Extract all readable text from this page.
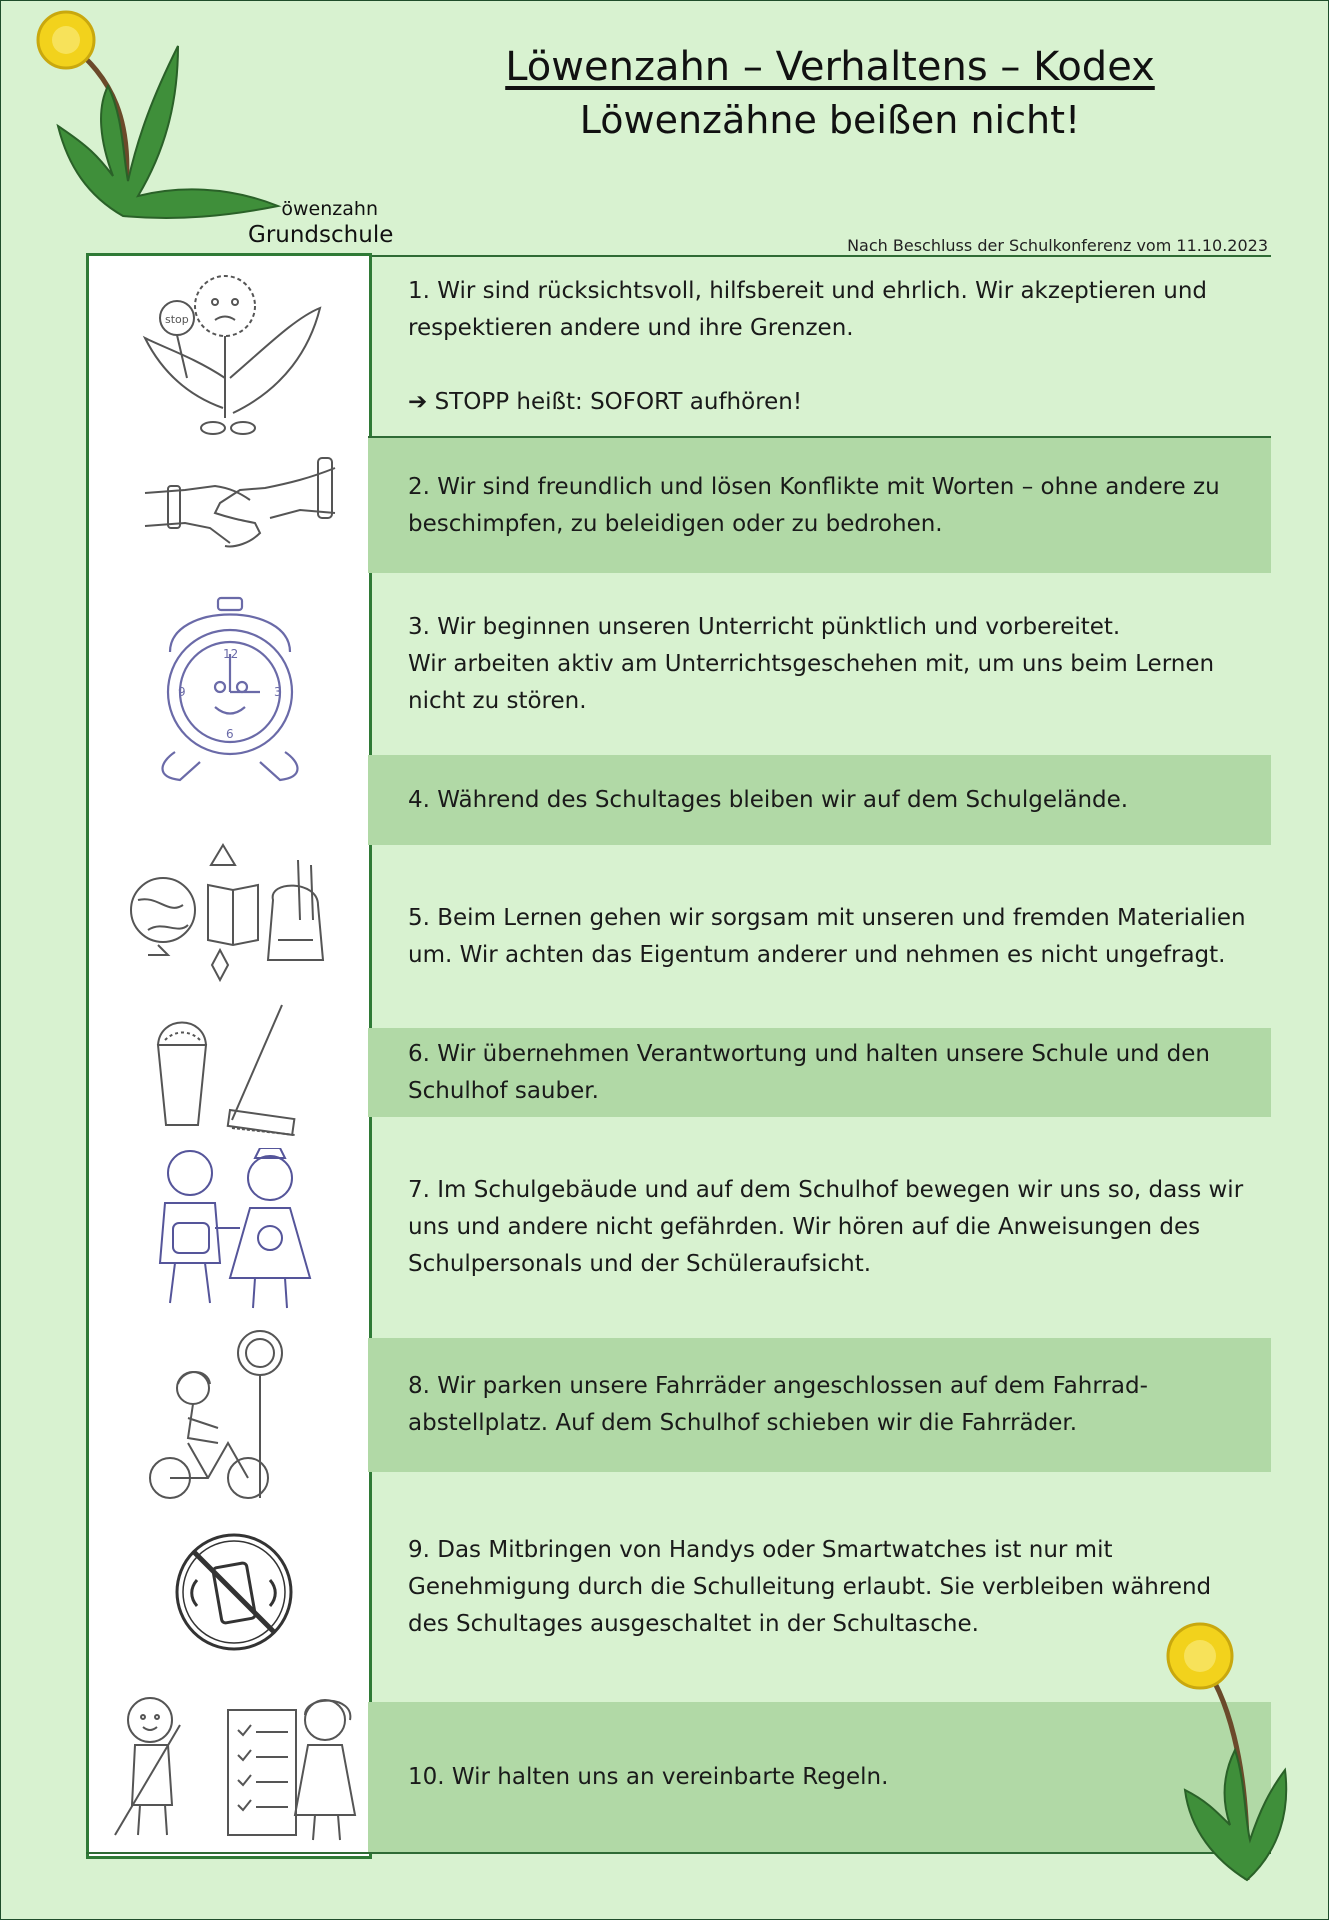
Löwenzahn – Verhaltens – Kodex
Löwenzähne beißen nicht!
öwenzahn
Grundschule	Nach Beschluss der Schulkonferenz vom 11.10.2023
1. Wir sind rücksichtsvoll, hilfsbereit und ehrlich. Wir akzeptieren und respektieren andere und ihre Grenzen.

➔ STOPP heißt: SOFORT aufhören!
2. Wir sind freundlich und lösen Konflikte mit Worten – ohne andere zu beschimpfen, zu beleidigen oder zu bedrohen.
3. Wir beginnen unseren Unterricht pünktlich und vorbereitet.
Wir arbeiten aktiv am Unterrichtsgeschehen mit, um uns beim Lernen nicht zu stören.
4. Während des Schultages bleiben wir auf dem Schulgelände.
5. Beim Lernen gehen wir sorgsam mit unseren und fremden Materialien um. Wir achten das Eigentum anderer und nehmen es nicht ungefragt.
6. Wir übernehmen Verantwortung und halten unsere Schule und den Schulhof sauber.
7. Im Schulgebäude und auf dem Schulhof bewegen wir uns so, dass wir uns und andere nicht gefährden. Wir hören auf die Anweisungen des Schulpersonals und der Schüleraufsicht.
8. Wir parken unsere Fahrräder angeschlossen auf dem Fahrrad-abstellplatz. Auf dem Schulhof schieben wir die Fahrräder.
9. Das Mitbringen von Handys oder Smartwatches ist nur mit Genehmigung durch die Schulleitung erlaubt. Sie verbleiben während des Schultages ausgeschaltet in der Schultasche.
10. Wir halten uns an vereinbarte Regeln.
stop
12
3
6
9
